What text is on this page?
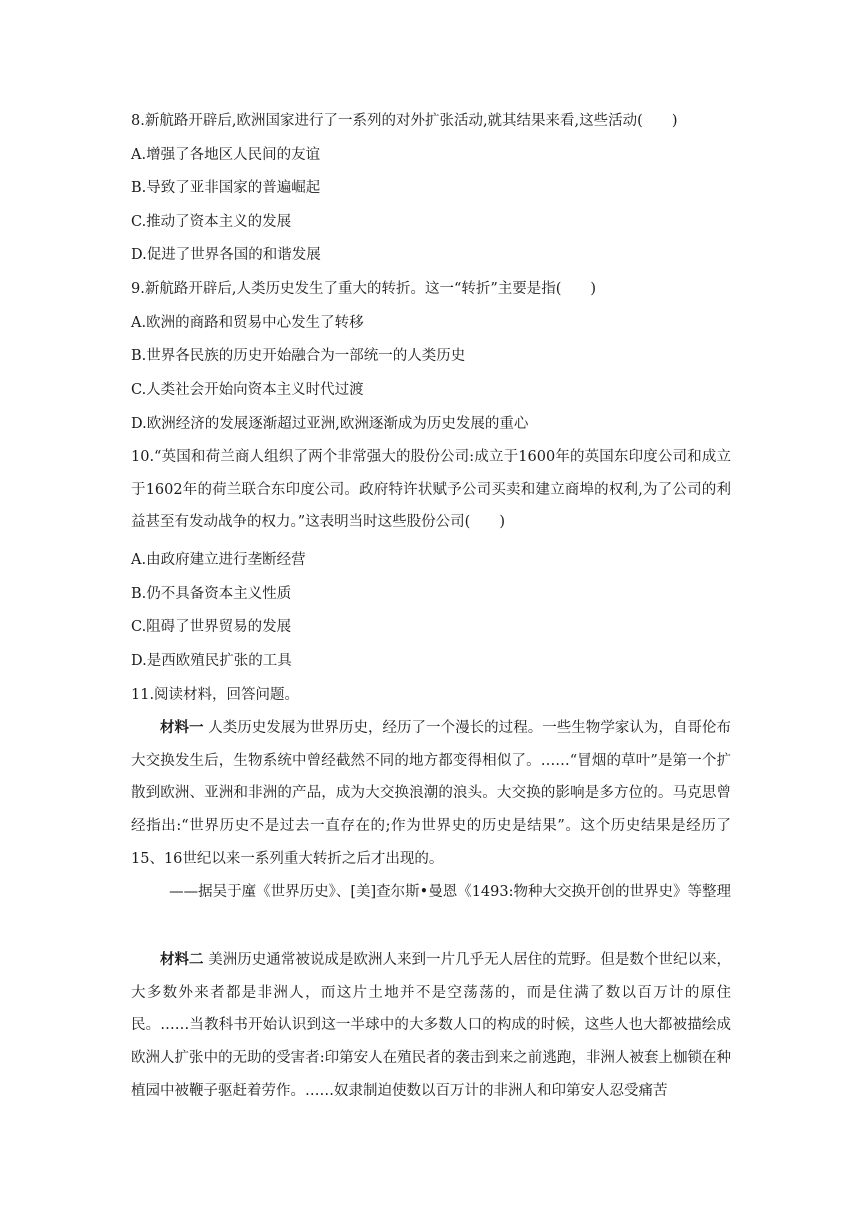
8.新航路开辟后,欧洲国家进行了一系列的对外扩张活动,就其结果来看,这些活动(　　)
A.增强了各地区人民间的友谊
B.导致了亚非国家的普遍崛起
C.推动了资本主义的发展
D.促进了世界各国的和谐发展
9.新航路开辟后,人类历史发生了重大的转折。这一“转折”主要是指(　　)
A.欧洲的商路和贸易中心发生了转移
B.世界各民族的历史开始融合为一部统一的人类历史
C.人类社会开始向资本主义时代过渡
D.欧洲经济的发展逐渐超过亚洲,欧洲逐渐成为历史发展的重心
10.“英国和荷兰商人组织了两个非常强大的股份公司:成立于1600年的英国东印度公司和成立于1602年的荷兰联合东印度公司。政府特许状赋予公司买卖和建立商埠的权利,为了公司的利益甚至有发动战争的权力。”这表明当时这些股份公司(　　)
A.由政府建立进行垄断经营
B.仍不具备资本主义性质
C.阻碍了世界贸易的发展
D.是西欧殖民扩张的工具
11.阅读材料，回答问题。
材料一 人类历史发展为世界历史，经历了一个漫长的过程。一些生物学家认为，自哥伦布大交换发生后，生物系统中曾经截然不同的地方都变得相似了。……“冒烟的草叶”是第一个扩散到欧洲、亚洲和非洲的产品，成为大交换浪潮的浪头。大交换的影响是多方位的。马克思曾经指出:“世界历史不是过去一直存在的;作为世界史的历史是结果”。这个历史结果是经历了15、16世纪以来一系列重大转折之后才出现的。
——据吴于廑《世界历史》、[美]查尔斯•曼恩《1493:物种大交换开创的世界史》等整理
材料二 美洲历史通常被说成是欧洲人来到一片几乎无人居住的荒野。但是数个世纪以来，大多数外来者都是非洲人，而这片土地并不是空荡荡的，而是住满了数以百万计的原住民。……当教科书开始认识到这一半球中的大多数人口的构成的时候，这些人也大都被描绘成欧洲人扩张中的无助的受害者:印第安人在殖民者的袭击到来之前逃跑，非洲人被套上枷锁在种植园中被鞭子驱赶着劳作。……奴隶制迫使数以百万计的非洲人和印第安人忍受痛苦
